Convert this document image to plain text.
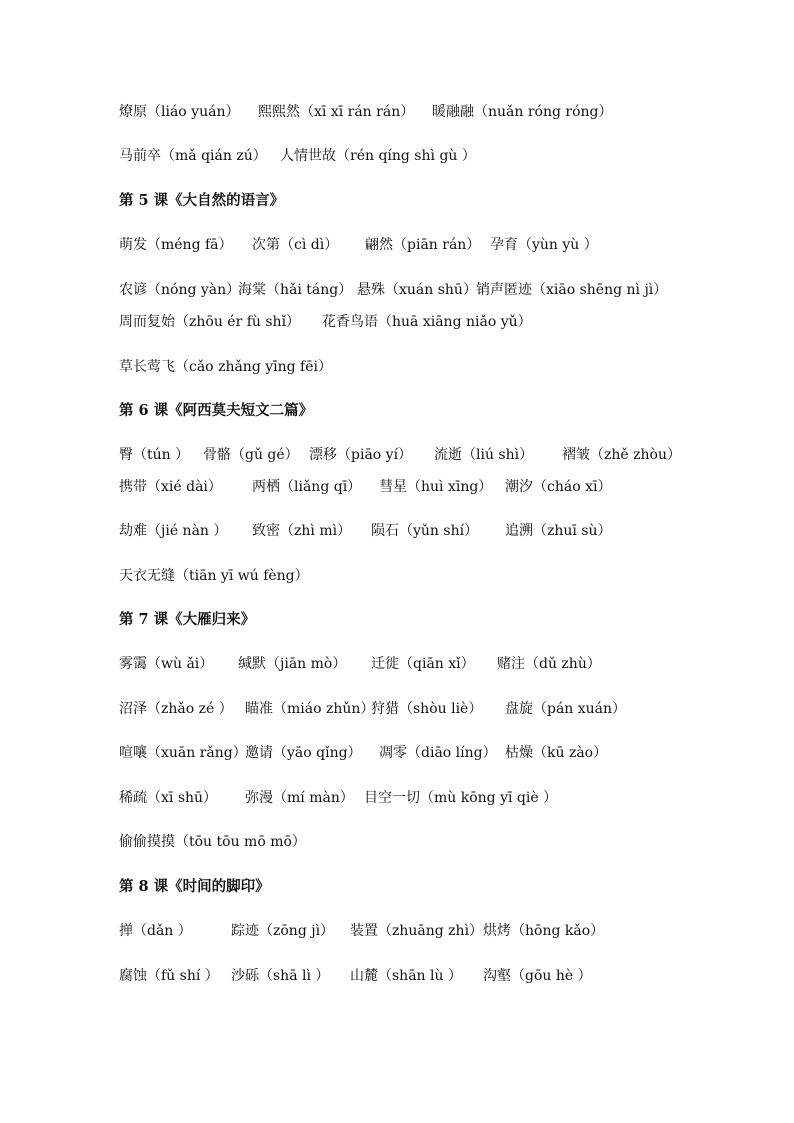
燎原（liáo yuán） 熙熙然（xī xī rán rán） 暖融融（nuǎn róng róng）
马前卒（mǎ qián zú） 人情世故（rén qíng shì gù ）
第 5 课《大自然的语言》
萌发（méng fā） 次第（cì dì） 翩然（piān rán） 孕育（yùn yù ）
农谚（nóng yàn）
海棠（hǎi táng） 悬殊（xuán shū） 销声匿迹（xiāo shēng nì jì）
周而复始（zhōu ér fù shǐ） 花香鸟语（huā xiāng niǎo yǔ）
草长莺飞（cǎo zhǎng yīng fēi）
第 6 课《阿西莫夫短文二篇》
臀（tún ） 骨骼（gǔ gé） 漂移（piāo yí） 流逝（liú shì） 褶皱（zhě zhòu）
携带（xié dài） 两栖（liǎng qī） 彗星（huì xīng） 潮汐（cháo xī）
劫难（jié nàn ） 致密（zhì mì） 陨石（yǔn shí） 追溯（zhuī sù）
天衣无缝（tiān yī wú fèng）
第 7 课《大雁归来》
雾霭（wù ǎi） 缄默（jiān mò） 迁徙（qiān xǐ） 赌注（dǔ zhù）
沼泽（zhǎo zé ） 瞄准（miáo zhǔn）
狩猎（shòu liè） 盘旋（pán xuán）
喧嚷（xuān rǎng）
邀请（yāo qǐng） 凋零（diāo líng） 枯燥（kū zào）
稀疏（xī shū） 弥漫（mí màn） 目空一切（mù kōng yī qiè ）
偷偷摸摸（tōu tōu mō mō）
第 8 课《时间的脚印》
掸（dǎn ）	踪迹（zōng jì） 装置（zhuāng zhì） 烘烤（hōng kǎo）
腐蚀（fǔ shí ） 沙砾（shā lì ） 山麓（shān lù ） 沟壑（gōu hè ）
